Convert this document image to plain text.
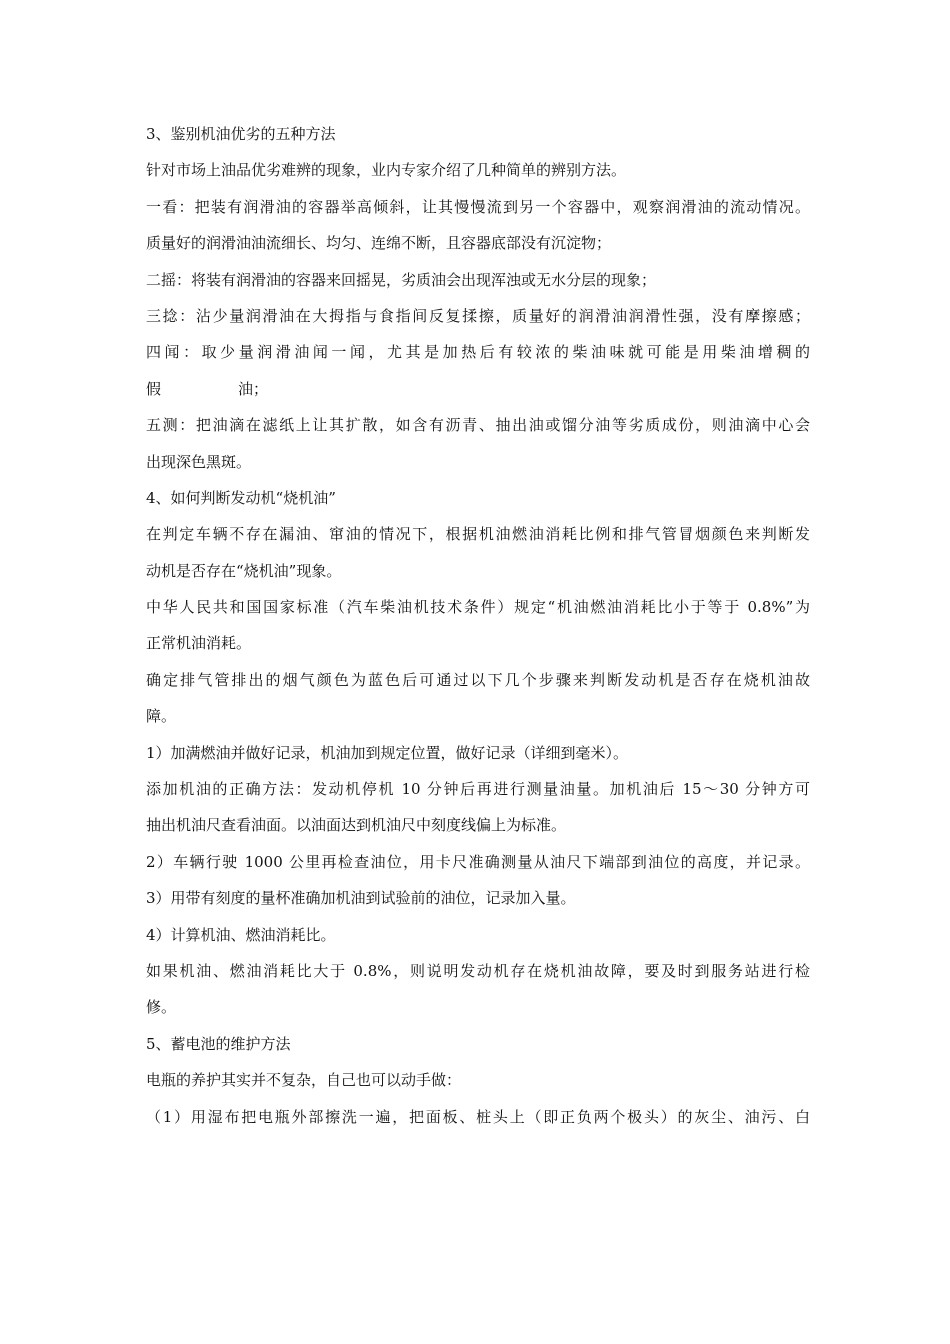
3、鉴别机油优劣的五种方法
针对市场上油品优劣难辨的现象，业内专家介绍了几种简单的辨别方法。
一看：把装有润滑油的容器举高倾斜，让其慢慢流到另一个容器中，观察润滑油的流动情况。
质量好的润滑油油流细长、均匀、连绵不断，且容器底部没有沉淀物；
二摇：将装有润滑油的容器来回摇晃，劣质油会出现浑浊或无水分层的现象；
三捻：沾少量润滑油在大拇指与食指间反复揉擦，质量好的润滑油润滑性强，没有摩擦感；
四闻：取少量润滑油闻一闻，尤其是加热后有较浓的柴油味就可能是用柴油增稠的
假	油；
五测：把油滴在滤纸上让其扩散，如含有沥青、抽出油或馏分油等劣质成份，则油滴中心会
出现深色黑斑。
4、如何判断发动机“烧机油”
在判定车辆不存在漏油、窜油的情况下，根据机油燃油消耗比例和排气管冒烟颜色来判断发
动机是否存在“烧机油”现象。
中华人民共和国国家标准（汽车柴油机技术条件）规定“机油燃油消耗比小于等于 0.8%”为
正常机油消耗。
确定排气管排出的烟气颜色为蓝色后可通过以下几个步骤来判断发动机是否存在烧机油故
障。
1）加满燃油并做好记录，机油加到规定位置，做好记录（详细到毫米）。
添加机油的正确方法：发动机停机 10 分钟后再进行测量油量。加机油后 15～30 分钟方可
抽出机油尺查看油面。以油面达到机油尺中刻度线偏上为标准。
2）车辆行驶 1000 公里再检查油位，用卡尺准确测量从油尺下端部到油位的高度，并记录。
3）用带有刻度的量杯准确加机油到试验前的油位，记录加入量。
4）计算机油、燃油消耗比。
如果机油、燃油消耗比大于 0.8%，则说明发动机存在烧机油故障，要及时到服务站进行检
修。
5、蓄电池的维护方法
电瓶的养护其实并不复杂，自己也可以动手做：
（1）用湿布把电瓶外部擦洗一遍，把面板、桩头上（即正负两个极头）的灰尘、油污、白
